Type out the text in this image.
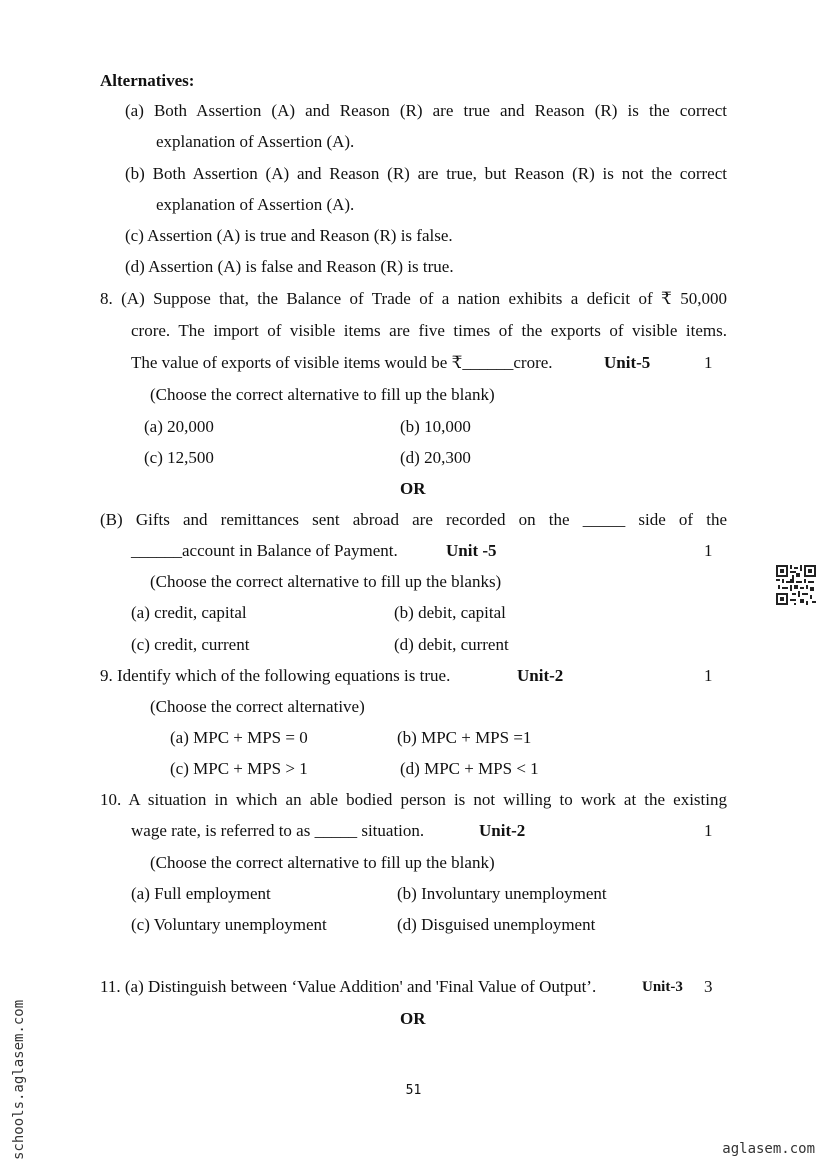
Alternatives:
(a) Both Assertion (A) and Reason (R) are true and Reason (R) is the correct
explanation of Assertion (A).
(b) Both Assertion (A) and Reason (R) are true, but Reason (R) is not the correct
explanation of Assertion (A).
(c) Assertion (A) is true and Reason (R) is false.
(d) Assertion (A) is false and Reason (R) is true.
8. (A) Suppose that, the Balance of Trade of a nation exhibits a deficit of ₹ 50,000
crore. The import of visible items are five times of the exports of visible items.
The value of exports of visible items would be ₹______crore.	Unit-5	1
(Choose the correct alternative to fill up the blank)
(a) 20,000	(b) 10,000
(c) 12,500	(d) 20,300
OR
(B) Gifts and remittances sent abroad are recorded on the _____ side of the
______account in Balance of Payment.	Unit -5	1
(Choose the correct alternative to fill up the blanks)
(a) credit, capital	(b) debit, capital
(c) credit, current	(d) debit, current
9. Identify which of the following equations is true.	Unit-2	1
(Choose the correct alternative)
(a) MPC + MPS = 0	(b) MPC + MPS =1
(c) MPC + MPS > 1	(d) MPC + MPS < 1
10. A situation in which an able bodied person is not willing to work at the existing
wage rate, is referred to as _____ situation.	Unit-2	1
(Choose the correct alternative to fill up the blank)
(a) Full employment	(b) Involuntary unemployment
(c) Voluntary unemployment	(d) Disguised unemployment
11. (a) Distinguish between ‘Value Addition' and 'Final Value of Output’.	Unit-3 3
OR
51
aglasem.com
schools.aglasem.com
